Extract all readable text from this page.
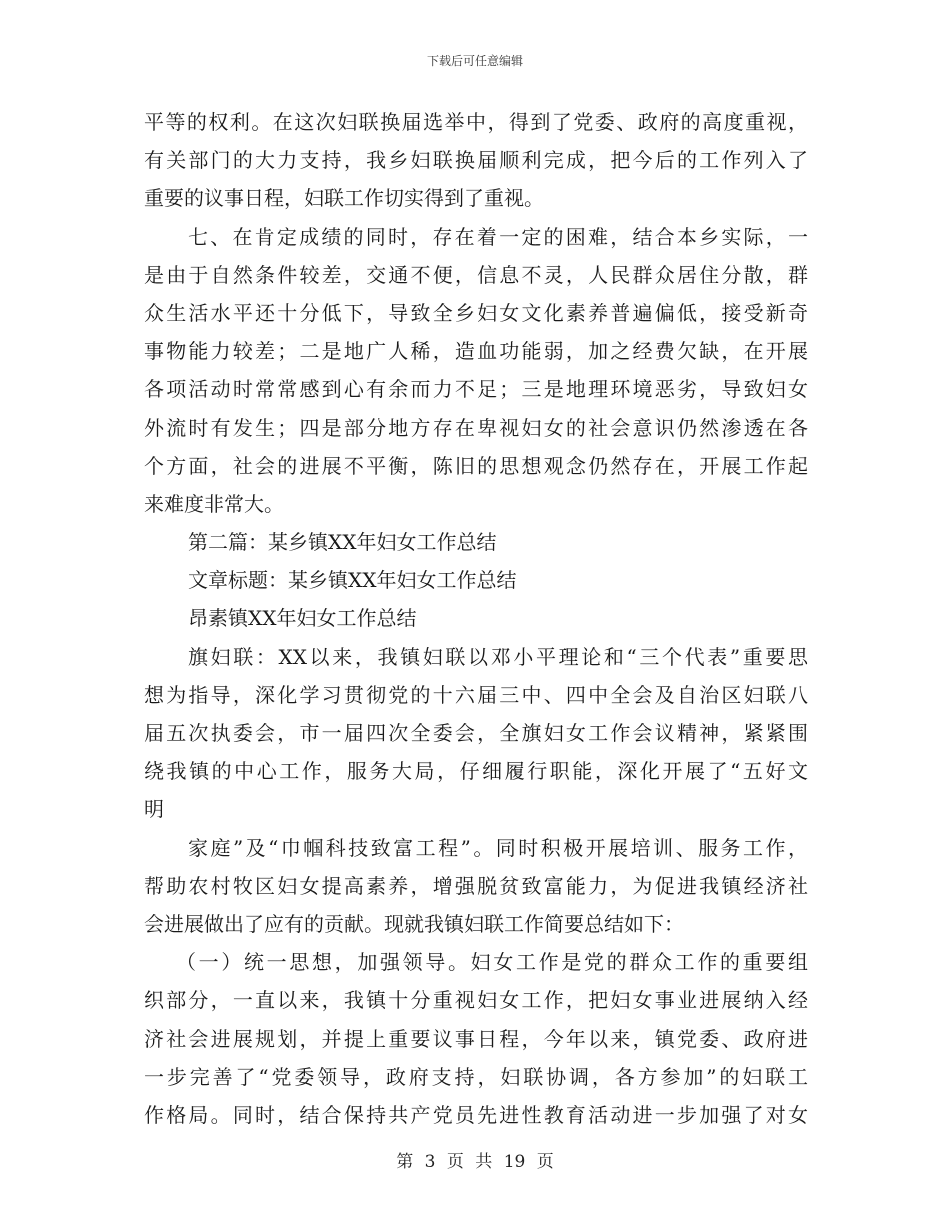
下载后可任意编辑
平等的权利。在这次妇联换届选举中，得到了党委、政府的高度重视，
有关部门的大力支持，我乡妇联换届顺利完成，把今后的工作列入了
重要的议事日程，妇联工作切实得到了重视。
七、在肯定成绩的同时，存在着一定的困难，结合本乡实际，一
是由于自然条件较差，交通不便，信息不灵，人民群众居住分散，群
众生活水平还十分低下，导致全乡妇女文化素养普遍偏低，接受新奇
事物能力较差；二是地广人稀，造血功能弱，加之经费欠缺，在开展
各项活动时常常感到心有余而力不足；三是地理环境恶劣，导致妇女
外流时有发生；四是部分地方存在卑视妇女的社会意识仍然渗透在各
个方面，社会的进展不平衡，陈旧的思想观念仍然存在，开展工作起
来难度非常大。
第二篇：某乡镇XX年妇女工作总结
文章标题：某乡镇XX年妇女工作总结
昂素镇XX年妇女工作总结
旗妇联：XX以来，我镇妇联以邓小平理论和“三个代表”重要思
想为指导，深化学习贯彻党的十六届三中、四中全会及自治区妇联八
届五次执委会，市一届四次全委会，全旗妇女工作会议精神，紧紧围
绕我镇的中心工作，服务大局，仔细履行职能，深化开展了“五好文
明
家庭”及“巾帼科技致富工程”。同时积极开展培训、服务工作，
帮助农村牧区妇女提高素养，增强脱贫致富能力，为促进我镇经济社
会进展做出了应有的贡献。现就我镇妇联工作简要总结如下：
（一）统一思想，加强领导。妇女工作是党的群众工作的重要组
织部分，一直以来，我镇十分重视妇女工作，把妇女事业进展纳入经
济社会进展规划，并提上重要议事日程，今年以来，镇党委、政府进
一步完善了“党委领导，政府支持，妇联协调，各方参加”的妇联工
作格局。同时，结合保持共产党员先进性教育活动进一步加强了对女
第 3 页 共 19 页
